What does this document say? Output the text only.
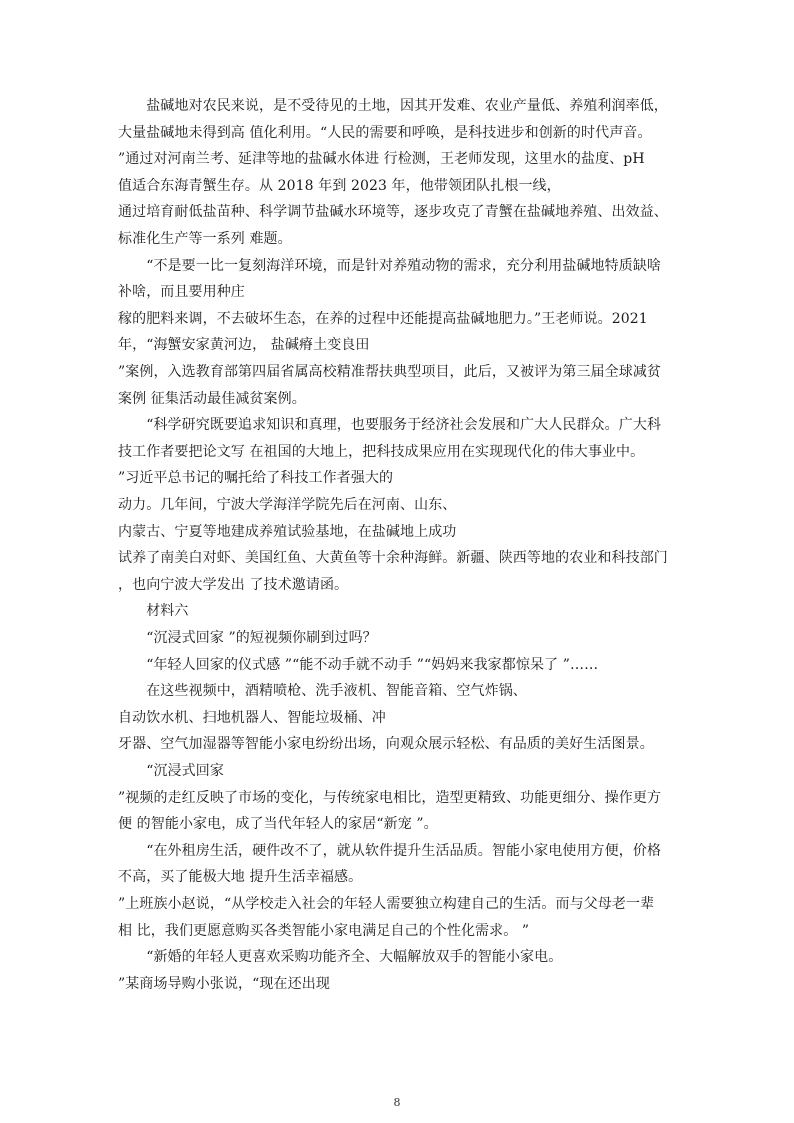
　　盐碱地对农民来说，是不受待见的土地，因其开发难、农业产量低、养殖利润率低，
大量盐碱地未得到高 值化利用。“人民的需要和呼唤，是科技进步和创新的时代声音。
”通过对河南兰考、延津等地的盐碱水体进 行检测，王老师发现，这里水的盐度、pH
值适合东海青蟹生存。从 2018 年到 2023 年，他带领团队扎根一线，
通过培育耐低盐苗种、科学调节盐碱水环境等，逐步攻克了青蟹在盐碱地养殖、出效益、
标准化生产等一系列 难题。
　　“不是要一比一复刻海洋环境，而是针对养殖动物的需求，充分利用盐碱地特质缺啥
补啥，而且要用种庄
稼的肥料来调，不去破坏生态，在养的过程中还能提高盐碱地肥力。”王老师说。2021
年，“海蟹安家黄河边， 盐碱瘠土变良田
”案例，入选教育部第四届省属高校精准帮扶典型项目，此后，又被评为第三届全球减贫
案例 征集活动最佳减贫案例。
　　“科学研究既要追求知识和真理，也要服务于经济社会发展和广大人民群众。广大科
技工作者要把论文写 在祖国的大地上，把科技成果应用在实现现代化的伟大事业中。
”习近平总书记的嘱托给了科技工作者强大的
动力。几年间，宁波大学海洋学院先后在河南、山东、
内蒙古、宁夏等地建成养殖试验基地，在盐碱地上成功
试养了南美白对虾、美国红鱼、大黄鱼等十余种海鲜。新疆、陕西等地的农业和科技部门
，也向宁波大学发出 了技术邀请函。
　　材料六
　　“沉浸式回家 ”的短视频你刷到过吗？
　　“年轻人回家的仪式感 ”“能不动手就不动手 ”“妈妈来我家都惊呆了 ”……
　　在这些视频中，酒精喷枪、洗手液机、智能音箱、空气炸锅、
自动饮水机、扫地机器人、智能垃圾桶、冲
牙器、空气加湿器等智能小家电纷纷出场，向观众展示轻松、有品质的美好生活图景。
　　“沉浸式回家
”视频的走红反映了市场的变化，与传统家电相比，造型更精致、功能更细分、操作更方
便 的智能小家电，成了当代年轻人的家居“新宠 ”。
　　“在外租房生活，硬件改不了，就从软件提升生活品质。智能小家电使用方便，价格
不高，买了能极大地 提升生活幸福感。
”上班族小赵说，“从学校走入社会的年轻人需要独立构建自己的生活。而与父母老一辈
相 比，我们更愿意购买各类智能小家电满足自己的个性化需求。 ”
　　“新婚的年轻人更喜欢采购功能齐全、大幅解放双手的智能小家电。
”某商场导购小张说，“现在还出现
8
